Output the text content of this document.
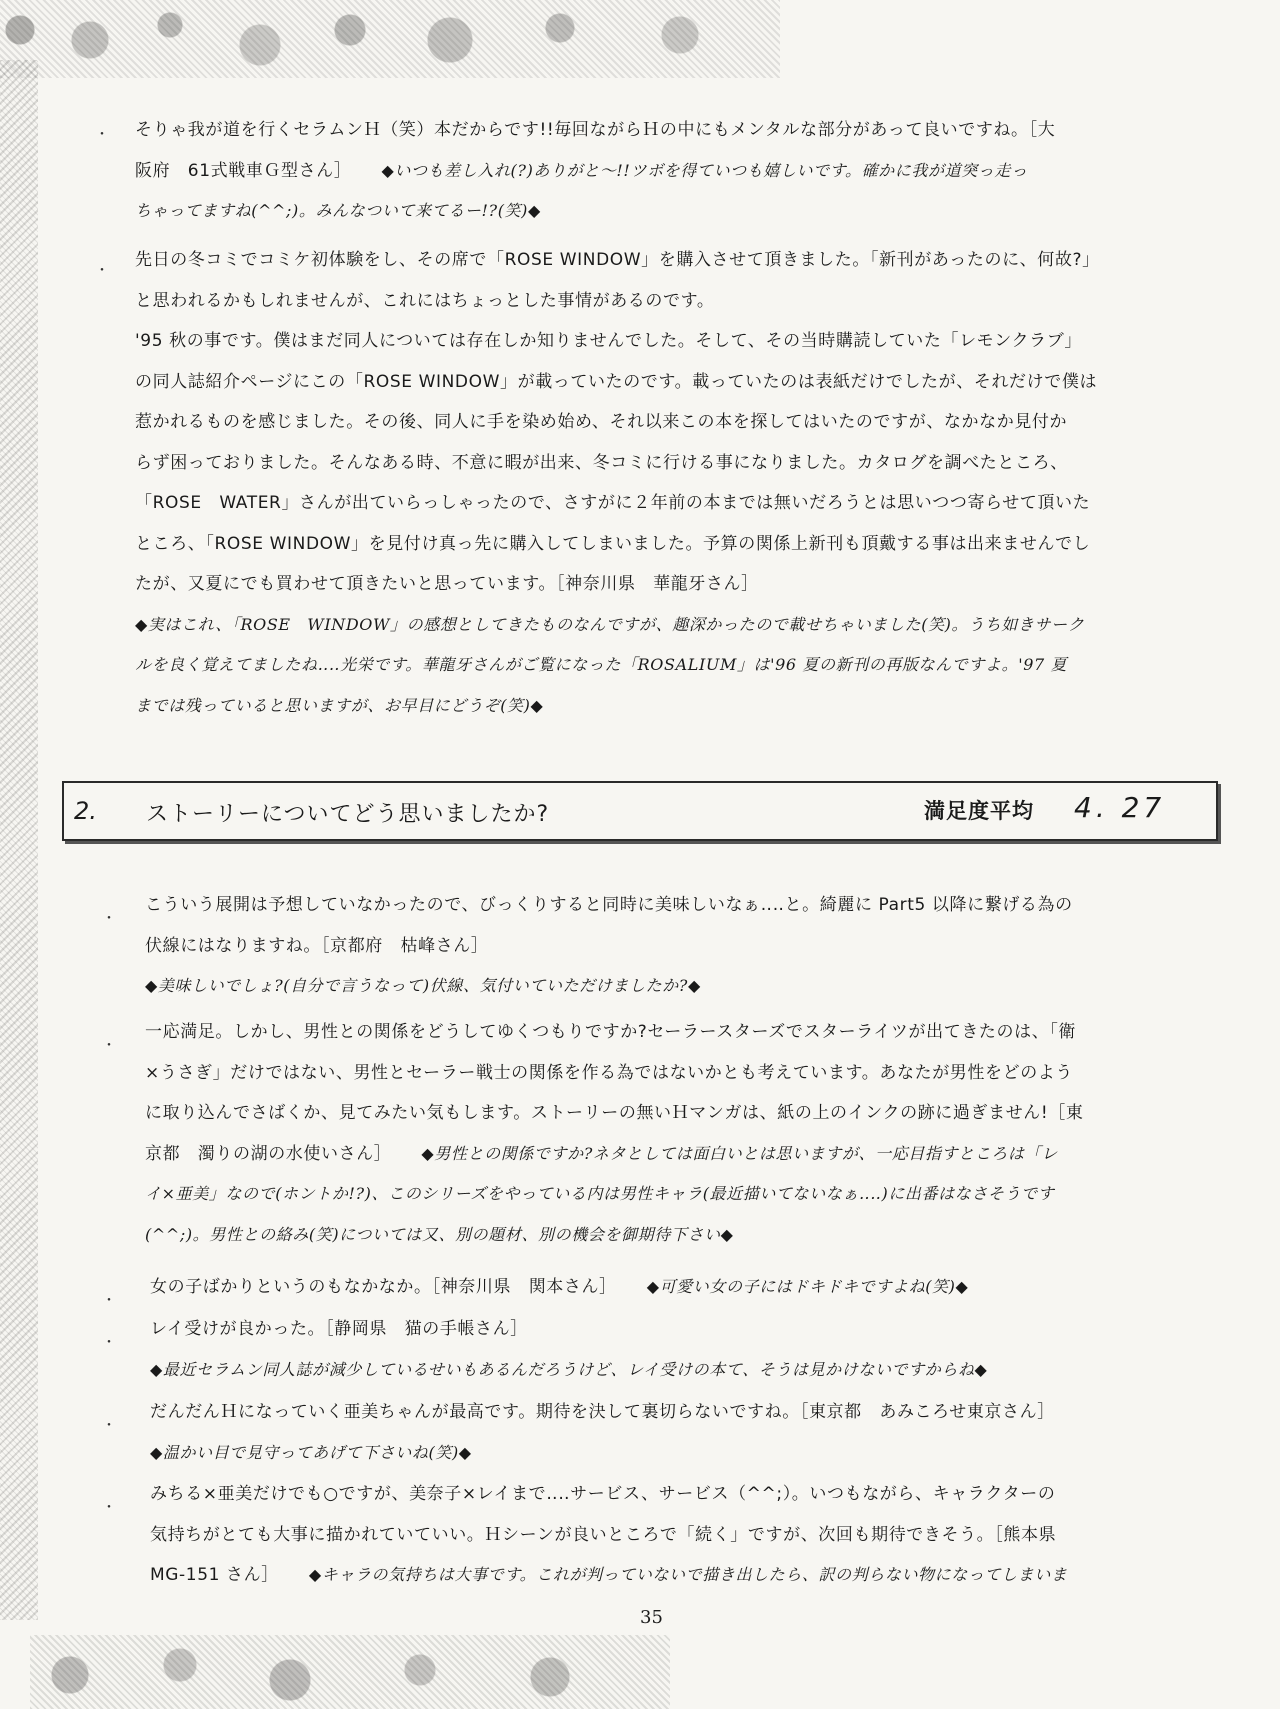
・ そりゃ我が道を行くセラムンＨ（笑）本だからです!!毎回ながらＨの中にもメンタルな部分があって良いですね。［大
阪府　61式戦車Ｇ型さん］ ◆いつも差し入れ(?)ありがと〜!!ツボを得ていつも嬉しいです。確かに我が道突っ走っ
ちゃってますね(^^;)。みんなついて来てるー!?(笑)◆
・
先日の冬コミでコミケ初体験をし、その席で「ROSE WINDOW」を購入させて頂きました。「新刊があったのに、何故?」
と思われるかもしれませんが、これにはちょっとした事情があるのです。
'95 秋の事です。僕はまだ同人については存在しか知りませんでした。そして、その当時購読していた「レモンクラブ」
の同人誌紹介ページにこの「ROSE WINDOW」が載っていたのです。載っていたのは表紙だけでしたが、それだけで僕は
惹かれるものを感じました。その後、同人に手を染め始め、それ以来この本を探してはいたのですが、なかなか見付か
らず困っておりました。そんなある時、不意に暇が出来、冬コミに行ける事になりました。カタログを調べたところ、
「ROSE　WATER」さんが出ていらっしゃったので、さすがに２年前の本までは無いだろうとは思いつつ寄らせて頂いた
ところ、「ROSE WINDOW」を見付け真っ先に購入してしまいました。予算の関係上新刊も頂戴する事は出来ませんでし
たが、又夏にでも買わせて頂きたいと思っています。［神奈川県　華龍牙さん］
◆実はこれ、「ROSE　WINDOW」の感想としてきたものなんですが、趣深かったので載せちゃいました(笑)。うち如きサーク
ルを良く覚えてましたね‥‥光栄です。華龍牙さんがご覧になった「ROSALIUM」は'96 夏の新刊の再版なんですよ。'97 夏
までは残っていると思いますが、お早目にどうぞ(笑)◆
2. ストーリーについてどう思いましたか?	満足度平均 4. 27
・
こういう展開は予想していなかったので、びっくりすると同時に美味しいなぁ‥‥と。綺麗に Part5 以降に繋げる為の
伏線にはなりますね。［京都府　枯峰さん］
◆美味しいでしょ?(自分で言うなって)伏線、気付いていただけましたか?◆
・
一応満足。しかし、男性との関係をどうしてゆくつもりですか?セーラースターズでスターライツが出てきたのは、「衛
×うさぎ」だけではない、男性とセーラー戦士の関係を作る為ではないかとも考えています。あなたが男性をどのよう
に取り込んでさばくか、見てみたい気もします。ストーリーの無いＨマンガは、紙の上のインクの跡に過ぎません!［東
京都　濁りの湖の水使いさん］ ◆男性との関係ですか?ネタとしては面白いとは思いますが、一応目指すところは「レ
イ×亜美」なので(ホントか!?)、このシリーズをやっている内は男性キャラ(最近描いてないなぁ‥‥)に出番はなさそうです
(^^;)。男性との絡み(笑)については又、別の題材、別の機会を御期待下さい◆
・
女の子ばかりというのもなかなか。［神奈川県　関本さん］ ◆可愛い女の子にはドキドキですよね(笑)◆
・
レイ受けが良かった。［静岡県　猫の手帳さん］
◆最近セラムン同人誌が減少しているせいもあるんだろうけど、レイ受けの本て、そうは見かけないですからね◆
・
だんだんＨになっていく亜美ちゃんが最高です。期待を決して裏切らないですね。［東京都　あみころせ東京さん］
◆温かい目で見守ってあげて下さいね(笑)◆
・
みちる×亜美だけでも○ですが、美奈子×レイまで‥‥サービス、サービス（^^;）。いつもながら、キャラクターの
気持ちがとても大事に描かれていていい。Ｈシーンが良いところで「続く」ですが、次回も期待できそう。［熊本県
MG-151 さん］ ◆キャラの気持ちは大事です。これが判っていないで描き出したら、訳の判らない物になってしまいま
35
